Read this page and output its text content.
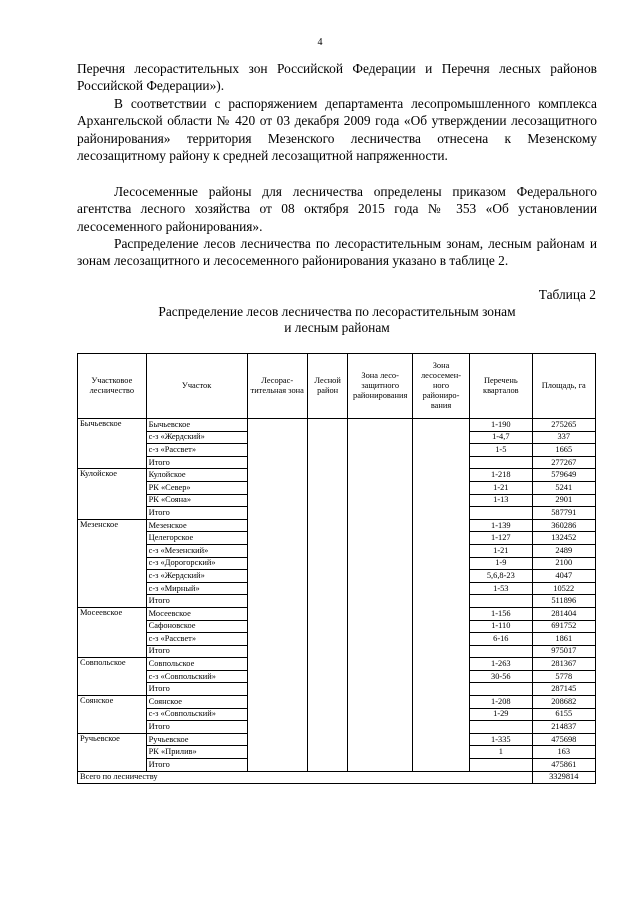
4
Перечня лесорастительных зон Российской Федерации и Перечня лесных районов Российской Федерации»).
В соответствии с распоряжением департамента лесопромышленного комплекса Архангельской области № 420 от 03 декабря 2009 года «Об утверждении лесозащитного районирования» территория Мезенского лесничества отнесена к Мезенскому лесозащитному району к средней лесозащитной напряженности.
Лесосеменные районы для лесничества определены приказом Федерального агентства лесного хозяйства от 08 октября 2015 года № 353 «Об установлении лесосеменного районирования».
Распределение лесов лесничества по лесорастительным зонам, лесным районам и зонам лесозащитного и лесосеменного районирования указано в таблице 2.
Таблица 2
Распределение лесов лесничества по лесорастительным зонам
и лесным районам
Участковое лесничество	Участок	Лесорас-тительная зона	Лесной район	Зона лесо-защитного районирования	Зона лесосемен-ного райониро-вания	Перечень кварталов	Площадь, га
Бычьевское	Бычьевское					1-190	275265
	с-з «Жердский»					1-4,7	337
	с-з «Рассвет»					1-5	1665
	Итого						277267
Кулойское	Кулойское					1-218	579649
	РК «Север»					1-21	5241
	РК «Сояна»					1-13	2901
	Итого						587791
Мезенское	Мезенское					1-139	360286
	Целегорское					1-127	132452
	с-з «Мезенский»					1-21	2489
	с-з «Дорогорский»					1-9	2100
	с-з «Жердский»					5,6,8-23	4047
	с-з «Мирный»					1-53	10522
	Итого						511896
Мосеевское	Мосеевское					1-156	281404
	Сафоновское					1-110	691752
	с-з «Рассвет»					6-16	1861
	Итого						975017
Совпольское	Совпольское					1-263	281367
	с-з «Совпольский»					30-56	5778
	Итого						287145
Соянское	Соянское					1-208	208682
	с-з «Совпольский»					1-29	6155
	Итого						214837
Ручьевское	Ручьевское					1-335	475698
	РК «Прилив»					1	163
	Итого						475861
Всего по лесничеству							3329814
